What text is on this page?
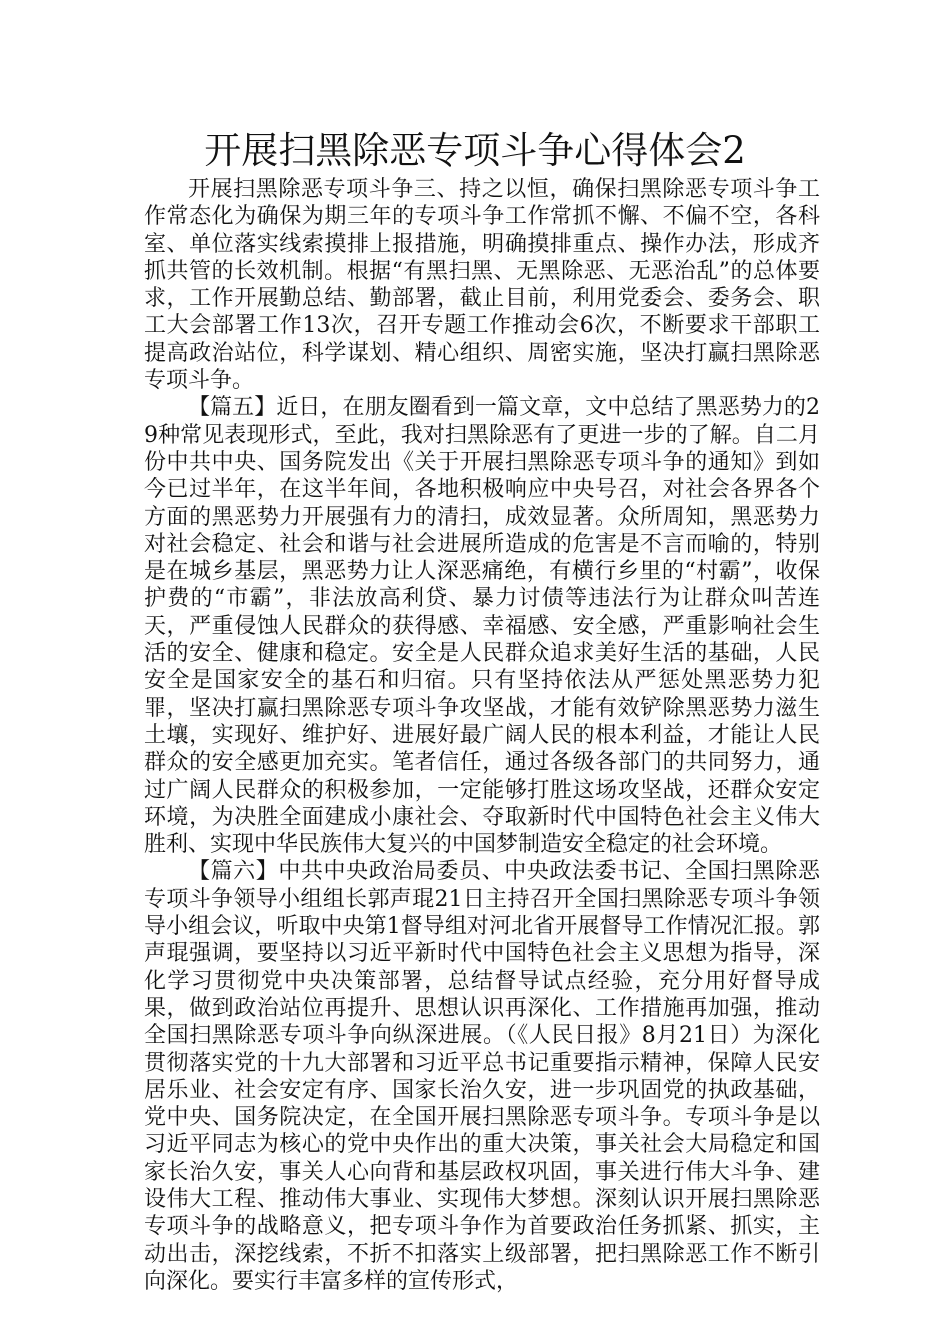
开展扫黑除恶专项斗争心得体会2

开展扫黑除恶专项斗争三、持之以恒，确保扫黑除恶专项斗争工作常态化为确保为期三年的专项斗争工作常抓不懈、不偏不空，各科室、单位落实线索摸排上报措施，明确摸排重点、操作办法，形成齐抓共管的长效机制。根据“有黑扫黑、无黑除恶、无恶治乱”的总体要求，工作开展勤总结、勤部署，截止目前，利用党委会、委务会、职工大会部署工作13次，召开专题工作推动会6次，不断要求干部职工提高政治站位，科学谋划、精心组织、周密实施，坚决打赢扫黑除恶专项斗争。

【篇五】近日，在朋友圈看到一篇文章，文中总结了黑恶势力的29种常见表现形式，至此，我对扫黑除恶有了更进一步的了解。自二月份中共中央、国务院发出《关于开展扫黑除恶专项斗争的通知》到如今已过半年，在这半年间，各地积极响应中央号召，对社会各界各个方面的黑恶势力开展强有力的清扫，成效显著。众所周知，黑恶势力对社会稳定、社会和谐与社会进展所造成的危害是不言而喻的，特别是在城乡基层，黑恶势力让人深恶痛绝，有横行乡里的“村霸”，收保护费的“市霸”，非法放高利贷、暴力讨债等违法行为让群众叫苦连天，严重侵蚀人民群众的获得感、幸福感、安全感，严重影响社会生活的安全、健康和稳定。安全是人民群众追求美好生活的基础，人民安全是国家安全的基石和归宿。只有坚持依法从严惩处黑恶势力犯罪，坚决打赢扫黑除恶专项斗争攻坚战，才能有效铲除黑恶势力滋生土壤，实现好、维护好、进展好最广阔人民的根本利益，才能让人民群众的安全感更加充实。笔者信任，通过各级各部门的共同努力，通过广阔人民群众的积极参加，一定能够打胜这场攻坚战，还群众安定环境，为决胜全面建成小康社会、夺取新时代中国特色社会主义伟大胜利、实现中华民族伟大复兴的中国梦制造安全稳定的社会环境。

【篇六】中共中央政治局委员、中央政法委书记、全国扫黑除恶专项斗争领导小组组长郭声琨21日主持召开全国扫黑除恶专项斗争领导小组会议，听取中央第1督导组对河北省开展督导工作情况汇报。郭声琨强调，要坚持以习近平新时代中国特色社会主义思想为指导，深化学习贯彻党中央决策部署，总结督导试点经验，充分用好督导成果，做到政治站位再提升、思想认识再深化、工作措施再加强，推动全国扫黑除恶专项斗争向纵深进展。（《人民日报》8月21日）为深化贯彻落实党的十九大部署和习近平总书记重要指示精神，保障人民安居乐业、社会安定有序、国家长治久安，进一步巩固党的执政基础，党中央、国务院决定，在全国开展扫黑除恶专项斗争。专项斗争是以习近平同志为核心的党中央作出的重大决策，事关社会大局稳定和国家长治久安，事关人心向背和基层政权巩固，事关进行伟大斗争、建设伟大工程、推动伟大事业、实现伟大梦想。深刻认识开展扫黑除恶专项斗争的战略意义，把专项斗争作为首要政治任务抓紧、抓实，主动出击，深挖线索，不折不扣落实上级部署，把扫黑除恶工作不断引向深化。要实行丰富多样的宣传形式，
